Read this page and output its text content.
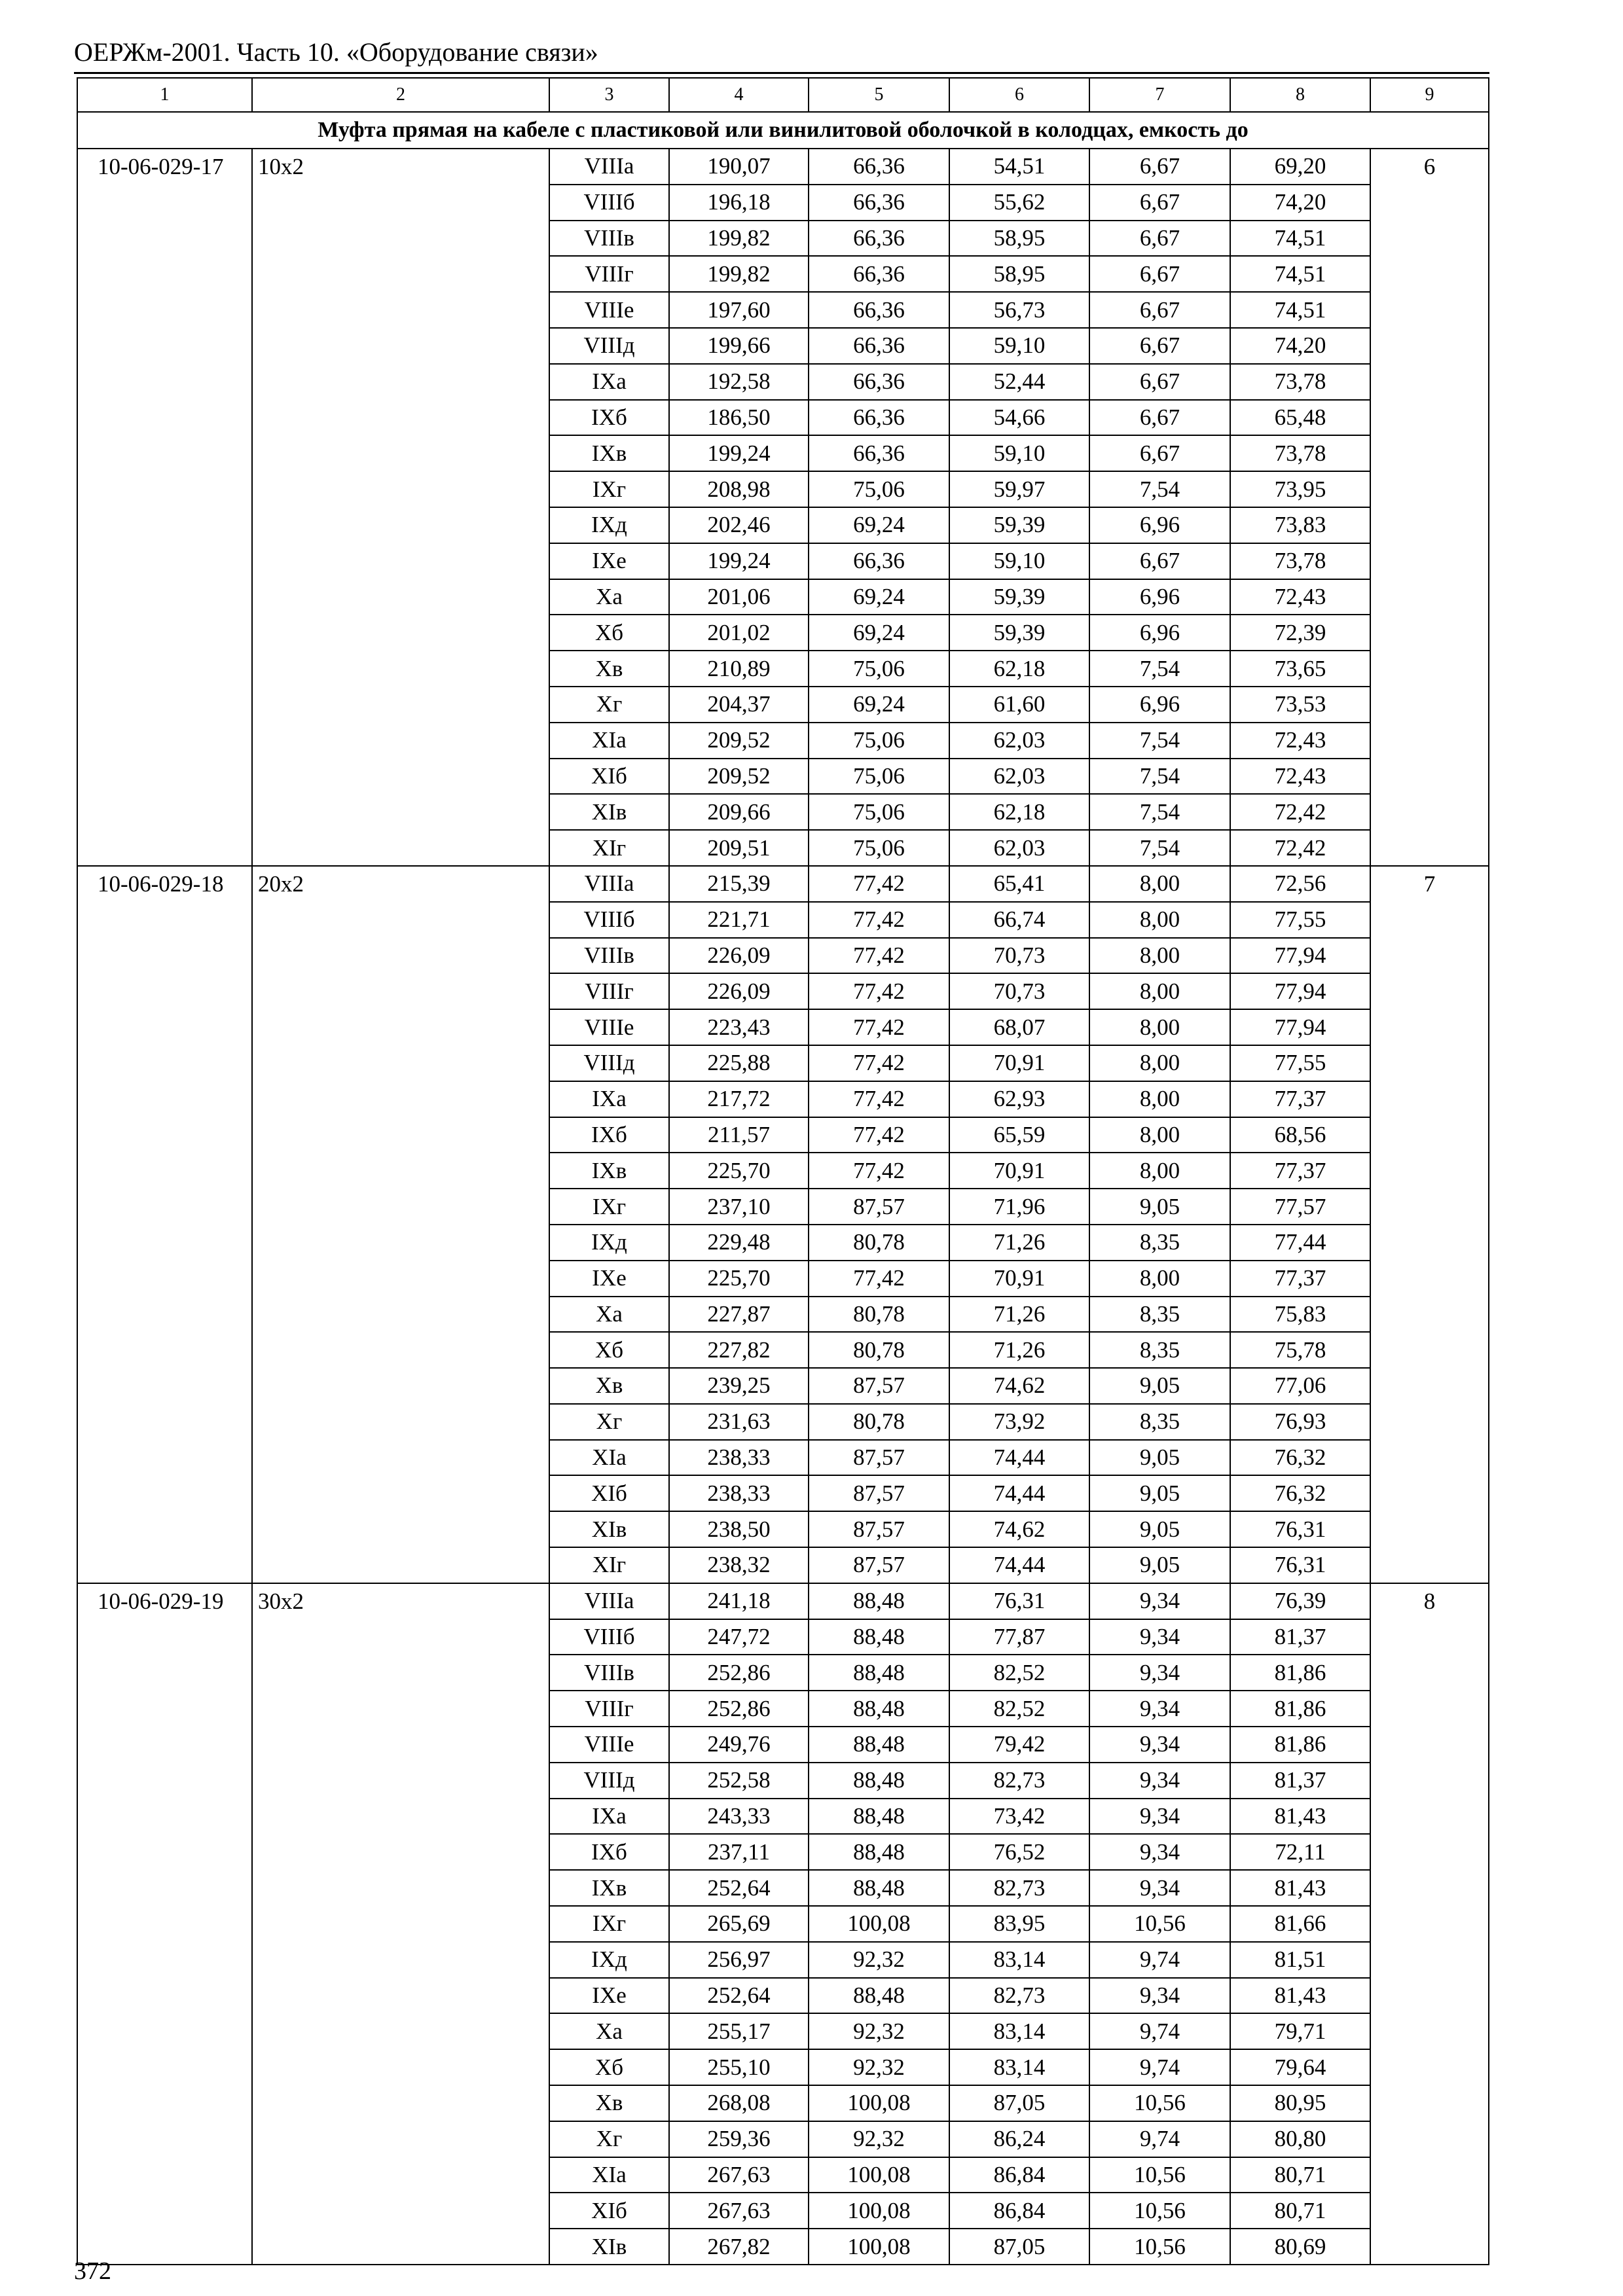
ОЕРЖм-2001. Часть 10. «Оборудование связи»
1	2	3	4	5	6	7	8	9
Муфта прямая на кабеле с пластиковой или винилитовой оболочкой в колодцах, емкость до								
10-06-029-17	10x2	VIIIа	190,07	66,36	54,51	6,67	69,20	6
		VIIIб	196,18	66,36	55,62	6,67	74,20	
		VIIIв	199,82	66,36	58,95	6,67	74,51	
		VIIIг	199,82	66,36	58,95	6,67	74,51	
		VIIIе	197,60	66,36	56,73	6,67	74,51	
		VIIIд	199,66	66,36	59,10	6,67	74,20	
		IXа	192,58	66,36	52,44	6,67	73,78	
		IXб	186,50	66,36	54,66	6,67	65,48	
		IXв	199,24	66,36	59,10	6,67	73,78	
		IXг	208,98	75,06	59,97	7,54	73,95	
		IXд	202,46	69,24	59,39	6,96	73,83	
		IXе	199,24	66,36	59,10	6,67	73,78	
		Xа	201,06	69,24	59,39	6,96	72,43	
		Xб	201,02	69,24	59,39	6,96	72,39	
		Xв	210,89	75,06	62,18	7,54	73,65	
		Xг	204,37	69,24	61,60	6,96	73,53	
		XIа	209,52	75,06	62,03	7,54	72,43	
		XIб	209,52	75,06	62,03	7,54	72,43	
		XIв	209,66	75,06	62,18	7,54	72,42	
		XIг	209,51	75,06	62,03	7,54	72,42	
10-06-029-18	20x2	VIIIа	215,39	77,42	65,41	8,00	72,56	7
		VIIIб	221,71	77,42	66,74	8,00	77,55	
		VIIIв	226,09	77,42	70,73	8,00	77,94	
		VIIIг	226,09	77,42	70,73	8,00	77,94	
		VIIIе	223,43	77,42	68,07	8,00	77,94	
		VIIIд	225,88	77,42	70,91	8,00	77,55	
		IXа	217,72	77,42	62,93	8,00	77,37	
		IXб	211,57	77,42	65,59	8,00	68,56	
		IXв	225,70	77,42	70,91	8,00	77,37	
		IXг	237,10	87,57	71,96	9,05	77,57	
		IXд	229,48	80,78	71,26	8,35	77,44	
		IXе	225,70	77,42	70,91	8,00	77,37	
		Xа	227,87	80,78	71,26	8,35	75,83	
		Xб	227,82	80,78	71,26	8,35	75,78	
		Xв	239,25	87,57	74,62	9,05	77,06	
		Xг	231,63	80,78	73,92	8,35	76,93	
		XIа	238,33	87,57	74,44	9,05	76,32	
		XIб	238,33	87,57	74,44	9,05	76,32	
		XIв	238,50	87,57	74,62	9,05	76,31	
		XIг	238,32	87,57	74,44	9,05	76,31	
10-06-029-19	30x2	VIIIа	241,18	88,48	76,31	9,34	76,39	8
		VIIIб	247,72	88,48	77,87	9,34	81,37	
		VIIIв	252,86	88,48	82,52	9,34	81,86	
		VIIIг	252,86	88,48	82,52	9,34	81,86	
		VIIIе	249,76	88,48	79,42	9,34	81,86	
		VIIIд	252,58	88,48	82,73	9,34	81,37	
		IXа	243,33	88,48	73,42	9,34	81,43	
		IXб	237,11	88,48	76,52	9,34	72,11	
		IXв	252,64	88,48	82,73	9,34	81,43	
		IXг	265,69	100,08	83,95	10,56	81,66	
		IXд	256,97	92,32	83,14	9,74	81,51	
		IXе	252,64	88,48	82,73	9,34	81,43	
		Xа	255,17	92,32	83,14	9,74	79,71	
		Xб	255,10	92,32	83,14	9,74	79,64	
		Xв	268,08	100,08	87,05	10,56	80,95	
		Xг	259,36	92,32	86,24	9,74	80,80	
		XIа	267,63	100,08	86,84	10,56	80,71	
		XIб	267,63	100,08	86,84	10,56	80,71	
		XIв	267,82	100,08	87,05	10,56	80,69	
372
